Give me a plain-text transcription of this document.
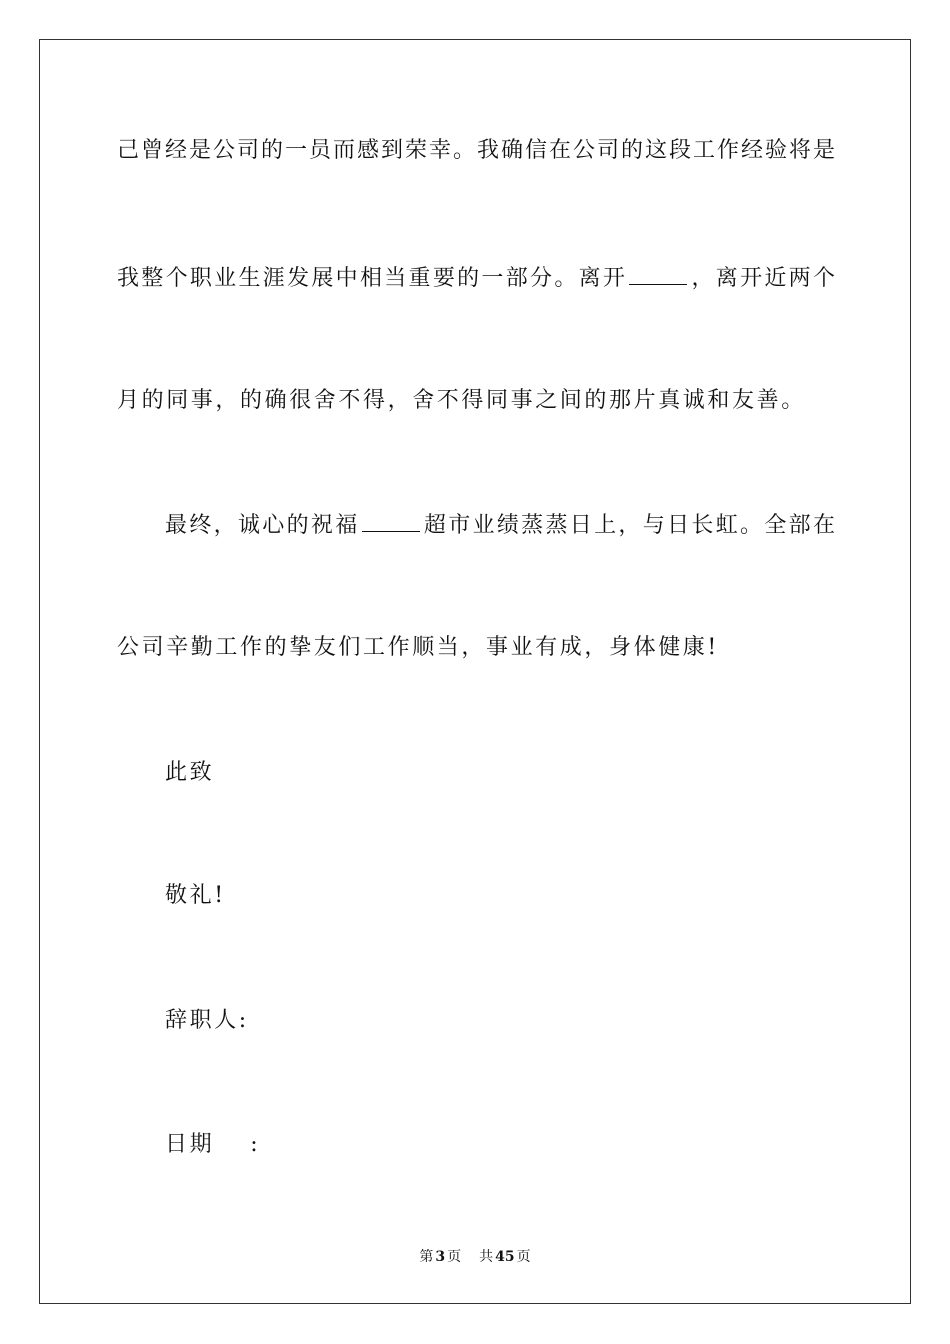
己曾经是公司的一员而感到荣幸。我确信在公司的这段工作经验将是
我整个职业生涯发展中相当重要的一部分。离开	，离开近两个
月的同事，的确很舍不得，舍不得同事之间的那片真诚和友善。
最终，诚心的祝福	超市业绩蒸蒸日上，与日长虹。全部在
公司辛勤工作的挚友们工作顺当，事业有成，身体健康!
此致
敬礼!
辞职人:
日期 :
第 3 页 共 45 页
